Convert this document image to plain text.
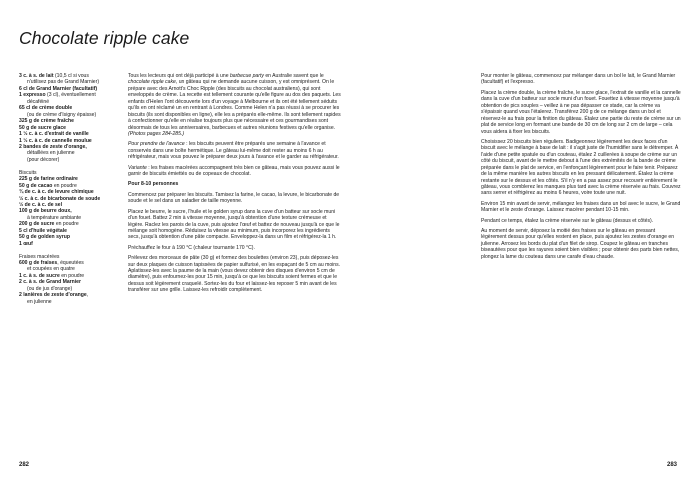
Chocolate ripple cake
3 c. à s. de lait (10,5 cl si vous
n'utilisez pas de Grand Marnier)
6 cl de Grand Marnier (facultatif)
1 expresso (3 cl), éventuellement
décaféiné
65 cl de crème double
(ou de crème d'Isigny épaisse)
325 g de crème fraîche
50 g de sucre glace
1 ½ c. à c. d'extrait de vanille
1 ½ c. à c. de cannelle moulue
2 bandes de zeste d'orange,
détaillées en julienne
(pour décorer)
Biscuits
225 g de farine ordinaire
50 g de cacao en poudre
¾ de c. à c. de levure chimique
½ c. à c. de bicarbonate de soude
½ de c. à c. de sel
100 g de beurre doux,
à température ambiante
200 g de sucre en poudre
5 cl d'huile végétale
50 g de golden syrup
1 œuf
Fraises macérées
600 g de fraises, équeutées
et coupées en quatre
1 c. à s. de sucre en poudre
2 c. à s. de Grand Marnier
(ou de jus d'orange)
2 lanières de zeste d'orange,
en julienne

Tous les lecteurs qui ont déjà participé à une barbecue party en Australie savent que le chocolate ripple cake, un gâteau qui ne demande aucune cuisson, y est omniprésent. On le prépare avec des Arnott's Choc Ripple (des biscuits au chocolat australiens), qui sont enveloppés de crème. La recette est tellement courante qu'elle figure au dos des paquets. Les enfants d'Helen l'ont découverte lors d'un voyage à Melbourne et ils ont été tellement séduits qu'ils en ont réclamé un en rentrant à Londres. Comme Helen n'a pas réussi à se procurer les biscuits (ils sont disponibles en ligne), elle les a préparés elle-même. Ils sont tellement rapides à confectionner qu'elle en réalise toujours plus que nécessaire et ces gourmandises sont désormais de tous les anniversaires, barbecues et autres réunions festives qu'elle organise. (Photos pages 284-285.)

Pour prendre de l'avance : les biscuits peuvent être préparés une semaine à l'avance et conservés dans une boîte hermétique. Le gâteau lui-même doit rester au moins 6 h au réfrigérateur, mais vous pouvez le préparer deux jours à l'avance et le garder au réfrigérateur.

Variante : les fraises macérées accompagnent très bien ce gâteau, mais vous pouvez aussi le garnir de biscuits émiettés ou de copeaux de chocolat.

Pour 8-10 personnes

Commencez par préparer les biscuits. Tamisez la farine, le cacao, la levure, le bicarbonate de soude et le sel dans un saladier de taille moyenne.

Placez le beurre, le sucre, l'huile et le golden syrup dans la cuve d'un batteur sur socle muni d'un fouet. Battez 2 min à vitesse moyenne, jusqu'à obtention d'une texture crémeuse et légère. Raclez les parois de la cuve, puis ajoutez l'œuf et battez de nouveau jusqu'à ce que le mélange soit homogène. Réduisez la vitesse au minimum, puis incorporez les ingrédients secs, jusqu'à obtention d'une pâte compacte. Enveloppez-la dans un film et réfrigérez-la 1 h.

Préchauffez le four à 190 °C (chaleur tournante 170 °C).

Prélevez des morceaux de pâte (30 g) et formez des boulettes (environ 23), puis déposez-les sur deux plaques de cuisson tapissées de papier sulfurisé, en les espaçant de 5 cm au moins. Aplatissez-les avec la paume de la main (vous devez obtenir des disques d'environ 5 cm de diamètre), puis enfournez-les pour 15 min, jusqu'à ce que les biscuits soient fermes et que le dessus soit légèrement craquelé. Sortez-les du four et laissez-les reposer 5 min avant de les transférer sur une grille. Laissez-les refroidir complètement.

Pour monter le gâteau, commencez par mélanger dans un bol le lait, le Grand Marnier (facultatif) et l'expresso.

Placez la crème double, la crème fraîche, le sucre glace, l'extrait de vanille et la cannelle dans la cuve d'un batteur sur socle muni d'un fouet. Fouettez à vitesse moyenne jusqu'à obtention de pics souples – veillez à ne pas dépasser ce stade, car la crème va s'épaissir quand vous l'étalerez. Transférez 200 g de ce mélange dans un bol et réservez-le au frais pour la finition du gâteau. Étalez une partie du reste de crème sur un plat de service long en formant une bande de 30 cm de long sur 2 cm de large – cela vous aidera à fixer les biscuits.

Choisissez 20 biscuits bien réguliers. Badigeonnez légèrement les deux faces d'un biscuit avec le mélange à base de lait : il s'agit juste de l'humidifier sans le détremper. À l'aide d'une petite spatule ou d'un couteau, étalez 2 cuillerées à soupe de crème sur un côté du biscuit, avant de le mettre debout à l'une des extrémités de la bande de crème préparée dans le plat de service, en l'enfonçant légèrement pour le faire tenir. Préparez de la même manière les autres biscuits en les pressant délicatement. Étalez la crème restante sur le dessus et les côtés. S'il n'y en a pas assez pour recouvrir entièrement le gâteau, vous comblerez les manques plus tard avec la crème réservée au frais. Couvrez sans serrer et réfrigérez au moins 6 heures, voire toute une nuit.

Environ 15 min avant de servir, mélangez les fraises dans un bol avec le sucre, le Grand Marnier et le zeste d'orange. Laissez macérer pendant 10-15 min.

Pendant ce temps, étalez la crème réservée sur le gâteau (dessus et côtés).

Au moment de servir, déposez la moitié des fraises sur le gâteau en pressant légèrement dessus pour qu'elles restent en place, puis ajoutez les zestes d'orange en julienne. Arrosez les bords du plat d'un filet de sirop. Coupez le gâteau en tranches biseautées pour que les rayures soient bien visibles ; pour obtenir des parts bien nettes, plongez la lame du couteau dans une carafe d'eau chaude.

282	283
